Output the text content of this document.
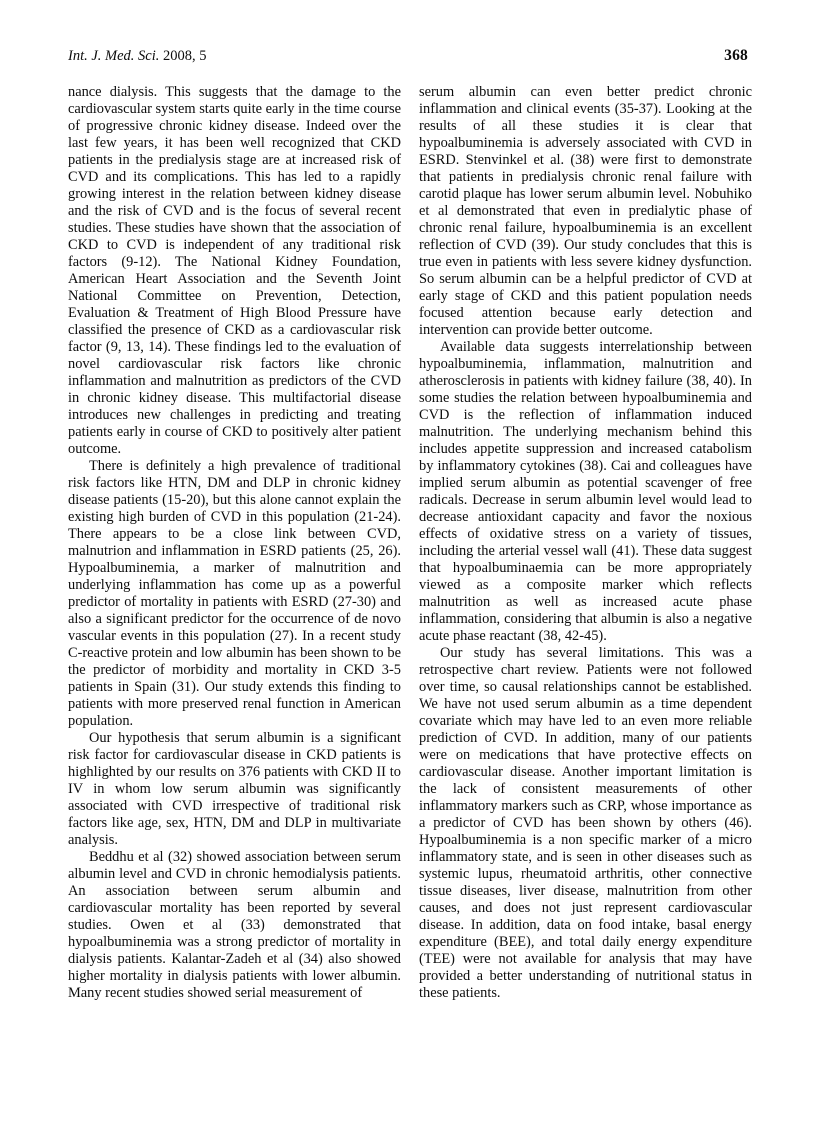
Int. J. Med. Sci. 2008, 5	368

nance dialysis. This suggests that the damage to the cardiovascular system starts quite early in the time course of progressive chronic kidney disease. Indeed over the last few years, it has been well recognized that CKD patients in the predialysis stage are at increased risk of CVD and its complications. This has led to a rapidly growing interest in the relation between kidney disease and the risk of CVD and is the focus of several recent studies. These studies have shown that the association of CKD to CVD is independent of any traditional risk factors (9-12). The National Kidney Foundation, American Heart Association and the Seventh Joint National Committee on Prevention, Detection, Evaluation & Treatment of High Blood Pressure have classified the presence of CKD as a cardiovascular risk factor (9, 13, 14). These findings led to the evaluation of novel cardiovascular risk factors like chronic inflammation and malnutrition as predictors of the CVD in chronic kidney disease. This multifactorial disease introduces new challenges in predicting and treating patients early in course of CKD to positively alter patient outcome.

There is definitely a high prevalence of traditional risk factors like HTN, DM and DLP in chronic kidney disease patients (15-20), but this alone cannot explain the existing high burden of CVD in this population (21-24). There appears to be a close link between CVD, malnutrion and inflammation in ESRD patients (25, 26). Hypoalbuminemia, a marker of malnutrition and underlying inflammation has come up as a powerful predictor of mortality in patients with ESRD (27-30) and also a significant predictor for the occurrence of de novo vascular events in this population (27). In a recent study C-reactive protein and low albumin has been shown to be the predictor of morbidity and mortality in CKD 3-5 patients in Spain (31). Our study extends this finding to patients with more preserved renal function in American population.

Our hypothesis that serum albumin is a significant risk factor for cardiovascular disease in CKD patients is highlighted by our results on 376 patients with CKD II to IV in whom low serum albumin was significantly associated with CVD irrespective of traditional risk factors like age, sex, HTN, DM and DLP in multivariate analysis.

Beddhu et al (32) showed association between serum albumin level and CVD in chronic hemodialysis patients. An association between serum albumin and cardiovascular mortality has been reported by several studies. Owen et al (33) demonstrated that hypoalbuminemia was a strong predictor of mortality in dialysis patients. Kalantar-Zadeh et al (34) also showed higher mortality in dialysis patients with lower albumin. Many recent studies showed serial measurement of

serum albumin can even better predict chronic inflammation and clinical events (35-37). Looking at the results of all these studies it is clear that hypoalbuminemia is adversely associated with CVD in ESRD. Stenvinkel et al. (38) were first to demonstrate that patients in predialysis chronic renal failure with carotid plaque has lower serum albumin level. Nobuhiko et al demonstrated that even in predialytic phase of chronic renal failure, hypoalbuminemia is an excellent reflection of CVD (39). Our study concludes that this is true even in patients with less severe kidney dysfunction. So serum albumin can be a helpful predictor of CVD at early stage of CKD and this patient population needs focused attention because early detection and intervention can provide better outcome.

Available data suggests interrelationship between hypoalbuminemia, inflammation, malnutrition and atherosclerosis in patients with kidney failure (38, 40). In some studies the relation between hypoalbuminemia and CVD is the reflection of inflammation induced malnutrition. The underlying mechanism behind this includes appetite suppression and increased catabolism by inflammatory cytokines (38). Cai and colleagues have implied serum albumin as potential scavenger of free radicals. Decrease in serum albumin level would lead to decrease antioxidant capacity and favor the noxious effects of oxidative stress on a variety of tissues, including the arterial vessel wall (41). These data suggest that hypoalbuminaemia can be more appropriately viewed as a composite marker which reflects malnutrition as well as increased acute phase inflammation, considering that albumin is also a negative acute phase reactant (38, 42-45).

Our study has several limitations. This was a retrospective chart review. Patients were not followed over time, so causal relationships cannot be established. We have not used serum albumin as a time dependent covariate which may have led to an even more reliable prediction of CVD. In addition, many of our patients were on medications that have protective effects on cardiovascular disease. Another important limitation is the lack of consistent measurements of other inflammatory markers such as CRP, whose importance as a predictor of CVD has been shown by others (46). Hypoalbuminemia is a non specific marker of a micro inflammatory state, and is seen in other diseases such as systemic lupus, rheumatoid arthritis, other connective tissue diseases, liver disease, malnutrition from other causes, and does not just represent cardiovascular disease. In addition, data on food intake, basal energy expenditure (BEE), and total daily energy expenditure (TEE) were not available for analysis that may have provided a better understanding of nutritional status in these patients.
